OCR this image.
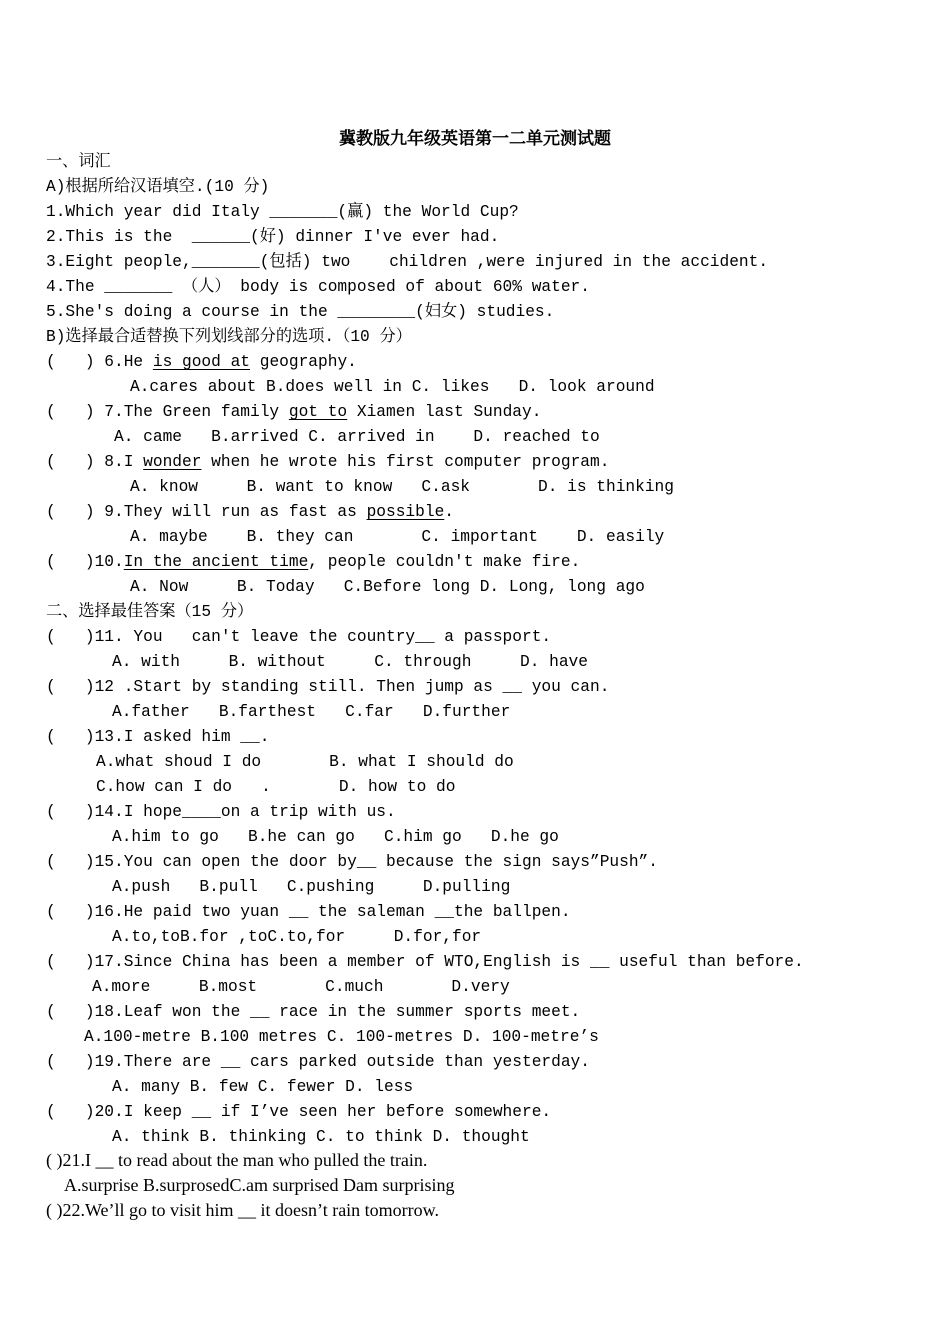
冀教版九年级英语第一二单元测试题
一、词汇
A)根据所给汉语填空.(10 分)
1.Which year did Italy _______(赢) the World Cup?
2.This is the  ______(好) dinner I've ever had.
3.Eight people,_______(包括) two    children ,were injured in the accident.
4.The _______ （人） body is composed of about 60% water.
5.She's doing a course in the ________(妇女) studies.
B)选择最合适替换下列划线部分的选项.（10 分）
(   ) 6.He is good at geography.
A.cares about B.does well in C. likes   D. look around
(   ) 7.The Green family got to Xiamen last Sunday.
A. came   B.arrived C. arrived in    D. reached to
(   ) 8.I wonder when he wrote his first computer program.
A. know     B. want to know   C.ask       D. is thinking
(   ) 9.They will run as fast as possible.
A. maybe    B. they can       C. important    D. easily
(   )10.In the ancient time, people couldn't make fire.
A. Now     B. Today   C.Before long D. Long, long ago
二、选择最佳答案（15 分）
(   )11. You   can't leave the country__ a passport.
A. with     B. without     C. through     D. have
(   )12 .Start by standing still. Then jump as __ you can.
A.father   B.farthest   C.far   D.further
(   )13.I asked him __.
A.what shoud I do       B. what I should do
C.how can I do   .       D. how to do
(   )14.I hope____on a trip with us.
A.him to go   B.he can go   C.him go   D.he go
(   )15.You can open the door by__ because the sign says”Push”.
A.push   B.pull   C.pushing     D.pulling
(   )16.He paid two yuan __ the saleman __the ballpen.
A.to,toB.for ,toC.to,for     D.for,for
(   )17.Since China has been a member of WTO,English is __ useful than before.
A.more     B.most       C.much       D.very
(   )18.Leaf won the __ race in the summer sports meet.
A.100-metre B.100 metres C. 100-metres D. 100-metre’s
(   )19.There are __ cars parked outside than yesterday.
A. many B. few C. fewer D. less
(   )20.I keep __ if I’ve seen her before somewhere.
A. think B. thinking C. to think D. thought
( )21.I __ to read about the man who pulled the train.
A.surprise B.surprosedC.am surprised Dam surprising
( )22.We’ll go to visit him __ it doesn’t rain tomorrow.
